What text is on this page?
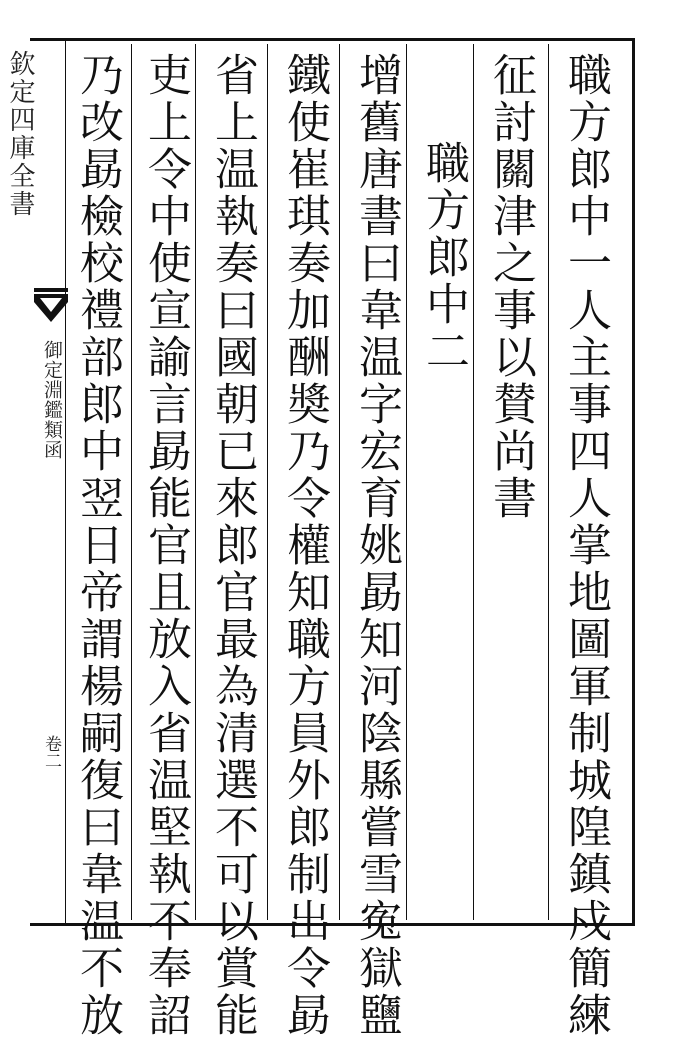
欽定四庫全書
御定淵鑑類函
卷二	職方郎中一人主事四人掌地圖軍制城隍鎮戍簡練
征討關津之事以賛尚書
職方郎中二
增舊唐書曰韋温字宏育姚勗知河陰縣嘗雪寃獄鹽
鐵使崔琪奏加酬奬乃令權知職方員外郎制出令勗
省上温執奏曰國朝已來郎官最為清選不可以賞能
吏上令中使宣諭言勗能官且放入省温堅執不奉詔
乃改勗檢校禮部郎中翌日帝謂楊嗣復曰韋温不放
